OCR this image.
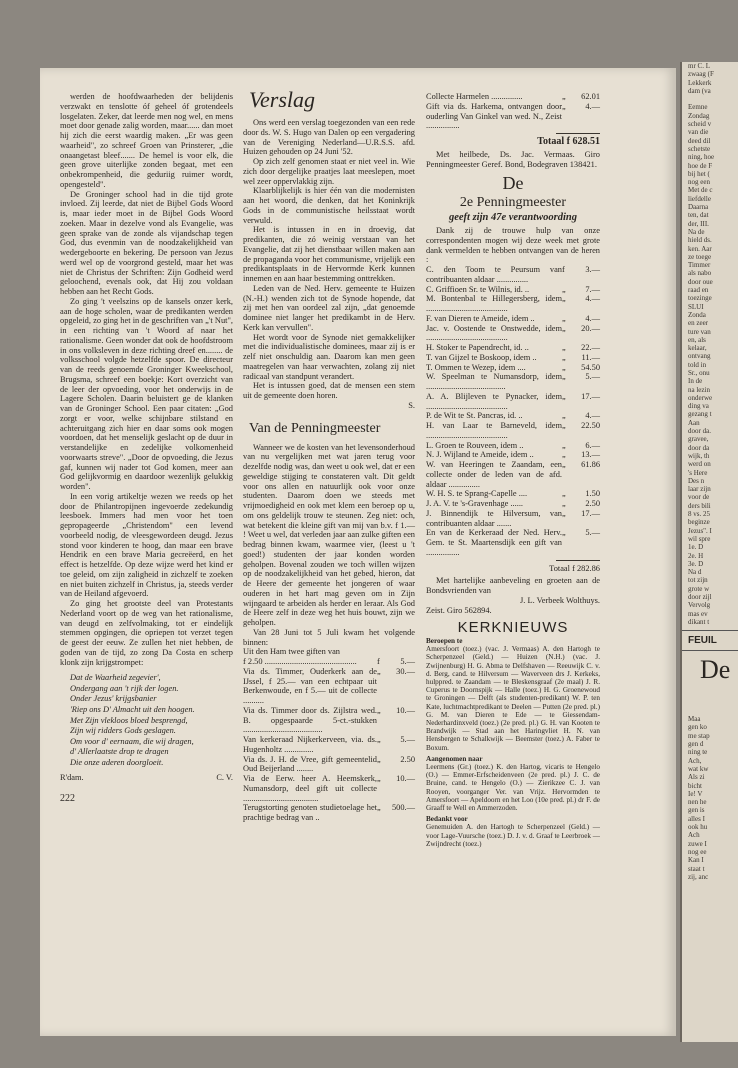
mr C. L
zwaag (F
Lekkerk
dam (va

Eemne
Zondag
scheid v
van die
deed dil
schetste
ning, hoe
hoe de F
bij het (
nog een
Met de c
liefdelle
Daarna
ten, dat
der, III.
Na de
hield ds.
ken. Aar
ze toege
Timmer
als nabo
door oue
raad en
toezinge
SLUI
Zonda
en zeer
ture van
en, als
kelaar,
ontvang
told in
Sr., onu
In de
na lezin
onderwe
ding va
gezang t
Aan
door da.
gravee,
door da
wijk, th
werd on
's Here
Des n
laar zijn
voor de
ders bili
8 vs. 25
beginze
Jezus". I
wil spre
1e. D
2e. H
3e. D
Na d
tot zijn
grote w
door zijl
Vervolg
mas ev
dikant t
FEUIL
De
Maa
gen ko
me stap
gen d
ning te
Ach,
wat kw
Als zi
bicht
Ie! V
nen he
gen is
alles I
ook hu
Ach
zuwe I
nog ee
Kan I
staat t
zij, anc

werden de hoofdwaarheden der belijdenis verzwakt en tenslotte óf geheel óf grotendeels losgelaten. Zeker, dat leerde men nog wel, en mens moet door genade zalig worden, maar...... dan moet hij zich die eerst waardig maken. „Er was geen waarheid", zo schreef Groen van Prinsterer, „die onaangetast bleef....... De hemel is voor elk, die geen grove uiterlijke zonden begaat, met een onbekrompenheid, die geduriig ruimer wordt, opengesteld".

De Groninger school had in die tijd grote invloed. Zij leerde, dat niet de Bijbel Gods Woord is, maar ieder moet in de Bijbel Gods Woord zoeken. Maar in dezelve vond als Evangelie, was geen sprake van de zonde als vijandschap tegen God, dus evenmin van de noodzakelijkheid van wedergeboorte en bekering. De persoon van Jezus werd wel op de voorgrond gesteld, maar het was niet de Christus der Schriften: Zijn Godheid werd geloochend, evenals ook, dat Hij zou voldaan hebben aan het Recht Gods.

Zo ging 't veelszins op de kansels onzer kerk, aan de hoge scholen, waar de predikanten werden opgeleid, zo ging het in de geschriften van „'t Nut", in een richting van 't Woord af naar het rationalisme. Geen wonder dat ook de hoofdstroom in ons volksleven in deze richting dreef en........ de volksschool volgde hetzelfde spoor. De directeur van de reeds genoemde Groninger Kweekschool, Brugsma, schreef een boekje: Kort overzicht van de leer der opvoeding, voor het onderwijs in de Lagere Scholen. Daarin beluistert ge de klanken van de Groninger School. Een paar citaten: „God zorgt er voor, welke schijnbare stilstand en achteruitgang zich hier en daar soms ook mogen voordoen, dat het menselijk geslacht op de duur in verstandelijke en zedelijke volkomenheid voorwaarts streve". „Door de opvoeding, die Jezus gaf, kunnen wij nader tot God komen, meer aan God gelijkvormig en daardoor wezenlijk gelukkig worden".

In een vorig artikeltje wezen we reeds op het door de Philantropijnen ingevoerde zedekundig leesboek. Immers had men voor het toen gepropageerde „Christendom" een levend voorbeeld nodig, de vleesgewordeen deugd. Jezus stond voor kinderen te hoog, dan maar een brave Hendrik en een brave Maria gecreëerd, en het effect is hetzelfde. Op deze wijze werd het kind er toe geleid, om zijn zaligheid in zichzelf te zoeken en niet buiten zichzelf in Christus, ja, steeds verder van de Heiland afgevoerd.

Zo ging het grootste deel van Protestants Nederland voort op de weg van het rationalisme, van deugd en zelfvolmaking, tot er eindelijk stemmen opgingen, die opriepen tot verzet tegen de geest der eeuw. Ze zullen het niet hebben, de goden van de tijd, zo zong Da Costa en scherp klonk zijn krijgstrompet:

Dat de Waarheid zegevier',
Ondergang aan 't rijk der logen.
Onder Jezus' krijgsbanier
'Riep ons D' Almacht uit den hoogen.
Met Zijn vlekloos bloed besprengd,
Zijn wij ridders Gods geslagen.
Om voor d' eernaam, die wij dragen,
d' Allerlaatste drop te dragen
Die onze aderen doorgloeit.
R'dam.	C. V.
222
Verslag

Ons werd een verslag toegezonden van een rede door ds. W. S. Hugo van Dalen op een vergadering van de Vereniging Nederland—U.R.S.S. afd. Huizen gehouden op 24 Juni '52.

Op zich zelf genomen staat er niet veel in. Wie zich door dergelijke praatjes laat meeslepen, moet wel zeer oppervlakkig zijn.

Klaarblijkelijk is hier één van die modernisten aan het woord, die denken, dat het Koninkrijk Gods in de communistische heilsstaat wordt verwuld.

Het is intussen in en in droevig, dat predikanten, die zó weinig verstaan van het Evangelie, dat zij het dienstbaar willen maken aan de propaganda voor het communisme, vrijelijk een predikantsplaats in de Hervormde Kerk kunnen innemen en aan haar bestemming onttrekken.

Leden van de Ned. Herv. gemeente te Huizen (N.-H.) wenden zich tot de Synode hopende, dat zij met hen van oordeel zal zijn, „dat genoemde dominee niet langer het predikambt in de Herv. Kerk kan vervullen".

Het wordt voor de Synode niet gemakkelijker met die individualistische dominees, maar zij is er zelf niet onschuldig aan. Daarom kan men geen maatregelen van haar verwachten, zolang zij niet radicaal van standpunt verandert.

Het is intussen goed, dat de mensen een stem uit de gemeente doen horen.

S.
Van de Penningmeester

Wanneer we de kosten van het levensonderhoud van nu vergelijken met wat jaren terug voor dezelfde nodig was, dan weet u ook wel, dat er een geweldige stijging te constateren valt. Dit geldt voor ons allen en natuurlijk ook voor onze studenten. Daarom doen we steeds met vrijmoedigheid en ook met klem een beroep op u, om ons geldelijk trouw te steunen. Zeg niet: och, wat betekent die kleine gift van mij van b.v. f 1.— ! Weet u wel, dat verleden jaar aan zulke giften een bedrag binnen kwam, waarmee vier, (leest u 't goed!) studenten der jaar konden worden geholpen. Bovenal zouden we toch willen wijzen op de noodzakelijkheid van het gebed, hieron, dat de Heere der gemeente het jongeren of waar ouderen in het hart mag geven om in Zijn wijngaard te arbeiden als herder en leraar. Als God de Heere zelf in deze weg het huis bouwt, zijn we geholpen.

Van 28 Juni tot 5 Juli kwam het volgende binnen:

Uit den Ham twee giften van
f 2.50 ............................................	f	5.—
Via ds. Timmer, Ouderkerk aan de IJssel, f 25.— van een echtpaar uit Berkenwoude, en f 5.— uit de collecte ..........
„	30.—
Via ds. Timmer door ds. Zijlstra wed. B. opgespaarde 5-ct.-stukken ......................................
„	10.—
Van kerkeraad Nijkerkerveen, via. ds. Hugenholtz ..............
„	5.—
Via ds. J. H. de Vree, gift gemeentelid Oud Beijerland ........
„	2.50
Via de Eerw. heer A. Heemskerk, Numansdorp, deel gift uit collecte ....................................
„	10.—
Terugstorting genoten studietoelage het prachtige bedrag van ..
„	500.—
Collecte Harmelen ...............	„	62.01
Gift via ds. Harkema, ontvangen door ouderling Van Ginkel van wed. N., Zeist ................
„	4.—
Totaal f 628.51

Met heilbede, Ds. Jac. Vermaas. Giro Penningmeester Geref. Bond, Bodegraven 138421.

De
2e Penningmeester
geeft zijn 47e verantwoording

Dank zij de trouwe hulp van onze correspondenten mogen wij deze week met grote dank vermelden te hebben ontvangen van de heren :

C. den Toom te Peursum van contribuanten aldaar ...............
f	3.—
C. Griffioen Sr. te Wilnis, id. ..	„	7.—
M. Bontenbal te Hillegersberg, idem .......................................
„	4.—
F. van Dieren te Ameide, idem ..	„	4.—
Jac. v. Oostende te Onstwedde, idem .......................................
„	20.—
H. Stoker te Papendrecht, id. ..	„	22.—
T. van Gijzel te Boskoop, idem ..	„	11.—
T. Ommen te Wezep, idem ....	„	54.50
W. Speelman te Numansdorp, idem ......................................
„	5.—
A. A. Blijleven te Pynacker, idem .......................................
„	17.—
P. de Wit te St. Pancras, id. ..	„	4.—
H. van Laar te Barneveld, idem .......................................
„	22.50
L. Groen te Rouveen, idem ..	„	6.—
N. J. Wijland te Ameide, idem ..	„	13.—
W. van Heeringen te Zaandam, een collecte onder de leden van de afd. aldaar ...............
„	61.86
W. H. S. te Sprang-Capelle ....	„	1.50
J. A. V. te 's-Gravenhage ......	„	2.50
J. Binnendijk te Hilversum, van contribuanten aldaar .......
„	17.—
En van de Kerkeraad der Ned. Herv. Gem. te St. Maartensdijk een gift van ................
„	5.—
Totaal f 282.86

Met hartelijke aanbeveling en groeten aan de Bondsvrienden van

J. L. Verbeek Wolthuys.
Zeist. Giro 562894.
KERKNIEUWS
Beroepen te

Amersfoort (toez.) (vac. J. Vermaas) A. den Hartogh te Scherpenzeel (Geld.) — Huizen (N.H.) (vac. J. Zwijnenburg) H. G. Abma te Delfshaven — Reeuwijk C. v. d. Berg, cand. te Hilversum — Waverveen drs J. Kerkeks, hulppred. te Zaandam — te Bleskensgraaf (2e maal) J. R. Cuperus te Doornspijk — Halle (toez.) H. G. Groenewoud te Groningen — Delft (als studenten-predikant) W. P. ten Kate, luchtmachtpredikant te Deelen — Putten (2e pred. pl.) G. M. van Dieren te Ede — te Giessendam-Nederhardinxveld (toez.) (2e pred. pl.) G. H. van Kooten te Brandwijk — Stad aan het Haringvliet H. N. van Hensbergen te Schalkwijk — Beemster (toez.) A. Faber te Boxum.

Aangenomen naar

Leermens (Gr.) (toez.) K. den Hartog, vicaris te Hengelo (O.) — Emmer-Erfscheidenveen (2e pred. pl.) J. C. de Bruine, cand. te Hengelo (O.) — Zierikzee C. J. van Rooyen, voorganger Ver. van Vrijz. Hervormden te Amersfoort — Apeldoorn en het Loo (10e pred. pl.) dr F. de Graaff te Well en Ammerzoden.

Bedankt voor

Genemuiden A. den Hartogh te Scherpenzeel (Geld.) — voor Lage-Vuursche (toez.) D. J. v. d. Graaf te Leerbroek — Zwijndrecht (toez.)
